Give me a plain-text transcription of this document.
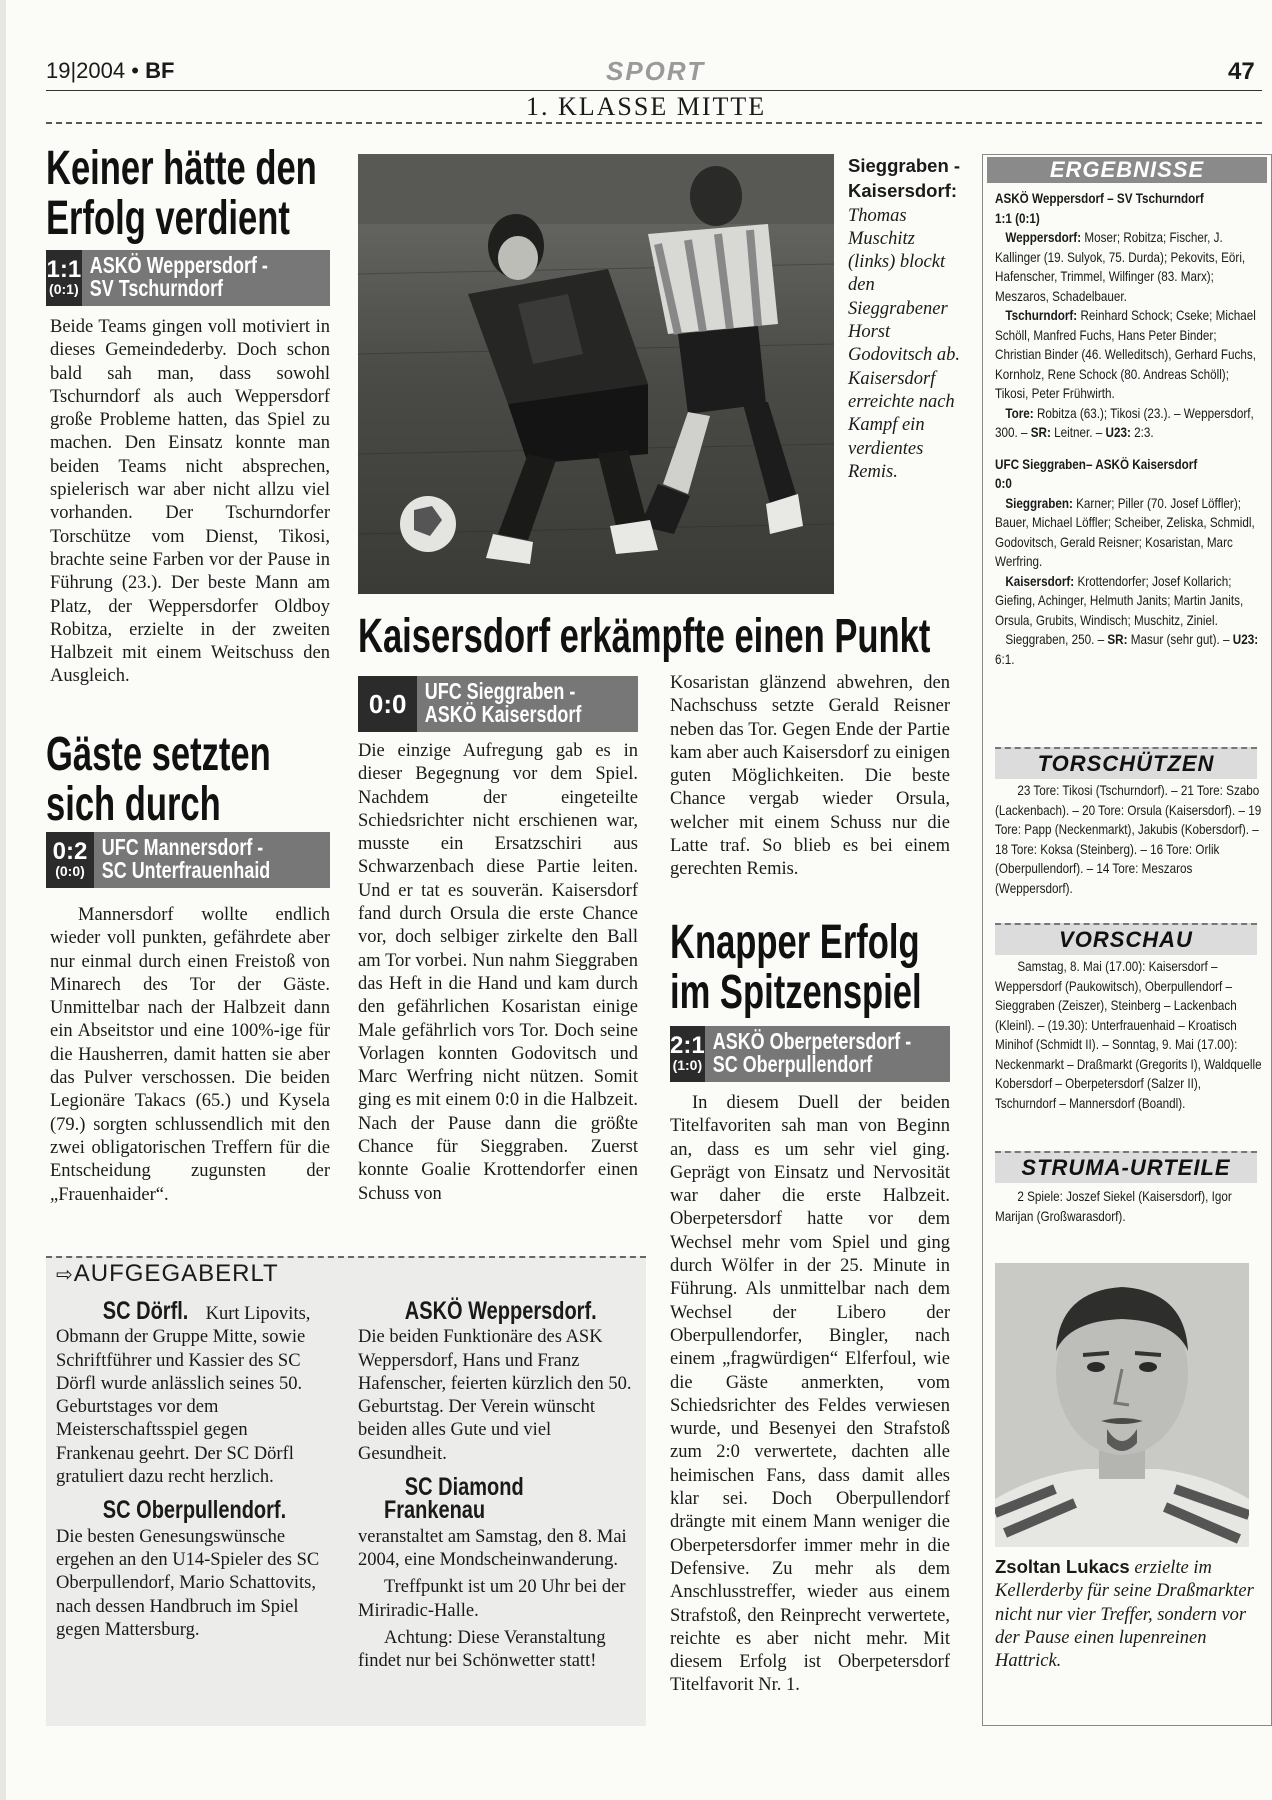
19|2004 • BF	SPORT	47
1. KLASSE MITTE
Keiner hätte den
Erfolg verdient
1:1
(0:1)
ASKÖ Weppersdorf -
SV Tschurndorf
Beide Teams gingen voll motiviert in dieses Gemeindederby. Doch schon bald sah man, dass sowohl Tschurndorf als auch Weppersdorf große Probleme hatten, das Spiel zu machen. Den Einsatz konnte man beiden Teams nicht absprechen, spielerisch war aber nicht allzu viel vorhanden. Der Tschurndorfer Torschütze vom Dienst, Tikosi, brachte seine Farben vor der Pause in Führung (23.). Der beste Mann am Platz, der Weppersdorfer Oldboy Robitza, erzielte in der zweiten Halbzeit mit einem Weitschuss den Ausgleich.
Gäste setzten
sich durch
0:2
(0:0)
UFC Mannersdorf -
SC Unterfrauenhaid
Mannersdorf wollte endlich wieder voll punkten, gefährdete aber nur einmal durch einen Freistoß von Minarech des Tor der Gäste. Unmittelbar nach der Halbzeit dann ein Abseitstor und eine 100%-ige für die Hausherren, damit hatten sie aber das Pulver verschossen. Die beiden Legionäre Takacs (65.) und Kysela (79.) sorgten schlussendlich mit den zwei obligatorischen Treffern für die Entscheidung zugunsten der „Frauenhaider“.
Sieggraben - Kaisersdorf: Thomas Muschitz (links) blockt den Sieggrabener Horst Godovitsch ab. Kaisersdorf erreichte nach Kampf ein verdientes Remis.
Kaisersdorf erkämpfte einen Punkt
0:0 UFC Sieggraben -
ASKÖ Kaisersdorf
Die einzige Aufregung gab es in dieser Begegnung vor dem Spiel. Nachdem der eingeteilte Schiedsrichter nicht erschienen war, musste ein Ersatzschiri aus Schwarzenbach diese Partie leiten. Und er tat es souverän. Kaisersdorf fand durch Orsula die erste Chance vor, doch selbiger zirkelte den Ball am Tor vorbei. Nun nahm Sieggraben das Heft in die Hand und kam durch den gefährlichen Kosaristan einige Male gefährlich vors Tor. Doch seine Vorlagen konnten Godovitsch und Marc Werfring nicht nützen. Somit ging es mit einem 0:0 in die Halbzeit. Nach der Pause dann die größte Chance für Sieggraben. Zuerst konnte Goalie Krottendorfer einen Schuss von
Kosaristan glänzend abwehren, den Nachschuss setzte Gerald Reisner neben das Tor. Gegen Ende der Partie kam aber auch Kaisersdorf zu einigen guten Möglichkeiten. Die beste Chance vergab wieder Orsula, welcher mit einem Schuss nur die Latte traf. So blieb es bei einem gerechten Remis.
Knapper Erfolg
im Spitzenspiel
2:1
(1:0)
ASKÖ Oberpetersdorf -
SC Oberpullendorf
In diesem Duell der beiden Titelfavoriten sah man von Beginn an, dass es um sehr viel ging. Geprägt von Einsatz und Nervosität war daher die erste Halbzeit. Oberpetersdorf hatte vor dem Wechsel mehr vom Spiel und ging durch Wölfer in der 25. Minute in Führung. Als unmittelbar nach dem Wechsel der Libero der Oberpullendorfer, Bingler, nach einem „fragwürdigen“ Elferfoul, wie die Gäste anmerkten, vom Schiedsrichter des Feldes verwiesen wurde, und Besenyei den Strafstoß zum 2:0 verwertete, dachten alle heimischen Fans, dass damit alles klar sei. Doch Oberpullendorf drängte mit einem Mann weniger die Oberpetersdorfer immer mehr in die Defensive. Zu mehr als dem Anschlusstreffer, wieder aus einem Strafstoß, den Reinprecht verwertete, reichte es aber nicht mehr. Mit diesem Erfolg ist Oberpetersdorf Titelfavorit Nr. 1.
⇨AUFGEGABERLT

SC Dörfl. Kurt Lipovits, Obmann der Gruppe Mitte, sowie Schriftführer und Kassier des SC Dörfl wurde anlässlich seines 50. Geburtstages vor dem Meisterschaftsspiel gegen Frankenau geehrt. Der SC Dörfl gratuliert dazu recht herzlich.

SC Oberpullendorf. Die besten Genesungswünsche ergehen an den U14-Spieler des SC Oberpullendorf, Mario Schattovits, nach dessen Handbruch im Spiel gegen Mattersburg.

ASKÖ Weppersdorf.
Die beiden Funktionäre des ASK Weppersdorf, Hans und Franz Hafenscher, feierten kürzlich den 50. Geburtstag. Der Verein wünscht beiden alles Gute und viel Gesundheit.

SC Diamond Frankenau
veranstaltet am Samstag, den 8. Mai 2004, eine Mondscheinwanderung.

Treffpunkt ist um 20 Uhr bei der Miriradic-Halle.

Achtung: Diese Veranstaltung findet nur bei Schönwetter statt!

ERGEBNISSE

ASKÖ Weppersdorf – SV Tschurndorf

1:1 (0:1)

Weppersdorf: Moser; Robitza; Fischer, J. Kallinger (19. Sulyok, 75. Durda); Pekovits, Eöri, Hafenscher, Trimmel, Wilfinger (83. Marx); Meszaros, Schadelbauer.

Tschurndorf: Reinhard Schock; Cseke; Michael Schöll, Manfred Fuchs, Hans Peter Binder; Christian Binder (46. Welleditsch), Gerhard Fuchs, Kornholz, Rene Schock (80. Andreas Schöll); Tikosi, Peter Frühwirth.

Tore: Robitza (63.); Tikosi (23.). – Weppersdorf, 300. – SR: Leitner. – U23: 2:3.

UFC Sieggraben– ASKÖ Kaisersdorf

0:0

Sieggraben: Karner; Piller (70. Josef Löffler); Bauer, Michael Löffler; Scheiber, Zeliska, Schmidl, Godovitsch, Gerald Reisner; Kosaristan, Marc Werfring.

Kaisersdorf: Krottendorfer; Josef Kollarich; Giefing, Achinger, Helmuth Janits; Martin Janits, Orsula, Grubits, Windisch; Muschitz, Ziniel.

Sieggraben, 250. – SR: Masur (sehr gut). – U23: 6:1.

TORSCHÜTZEN
23 Tore: Tikosi (Tschurndorf). – 21 Tore: Szabo (Lackenbach). – 20 Tore: Orsula (Kaisersdorf). – 19 Tore: Papp (Neckenmarkt), Jakubis (Kobersdorf). – 18 Tore: Koksa (Steinberg). – 16 Tore: Orlik (Oberpullendorf). – 14 Tore: Meszaros (Weppersdorf).
VORSCHAU
Samstag, 8. Mai (17.00): Kaisersdorf – Weppersdorf (Paukowitsch), Oberpullendorf – Sieggraben (Zeiszer), Steinberg – Lackenbach (Kleinl). – (19.30): Unterfrauenhaid – Kroatisch Minihof (Schmidt II). – Sonntag, 9. Mai (17.00): Neckenmarkt – Draßmarkt (Gregorits I), Waldquelle Kobersdorf – Oberpetersdorf (Salzer II), Tschurndorf – Mannersdorf (Boandl).
STRUMA-URTEILE
2 Spiele: Joszef Siekel (Kaisersdorf), Igor Marijan (Großwarasdorf).
Zsoltan Lukacs erzielte im Kellerderby für seine Draßmarkter nicht nur vier Treffer, sondern vor der Pause einen lupenreinen Hattrick.
